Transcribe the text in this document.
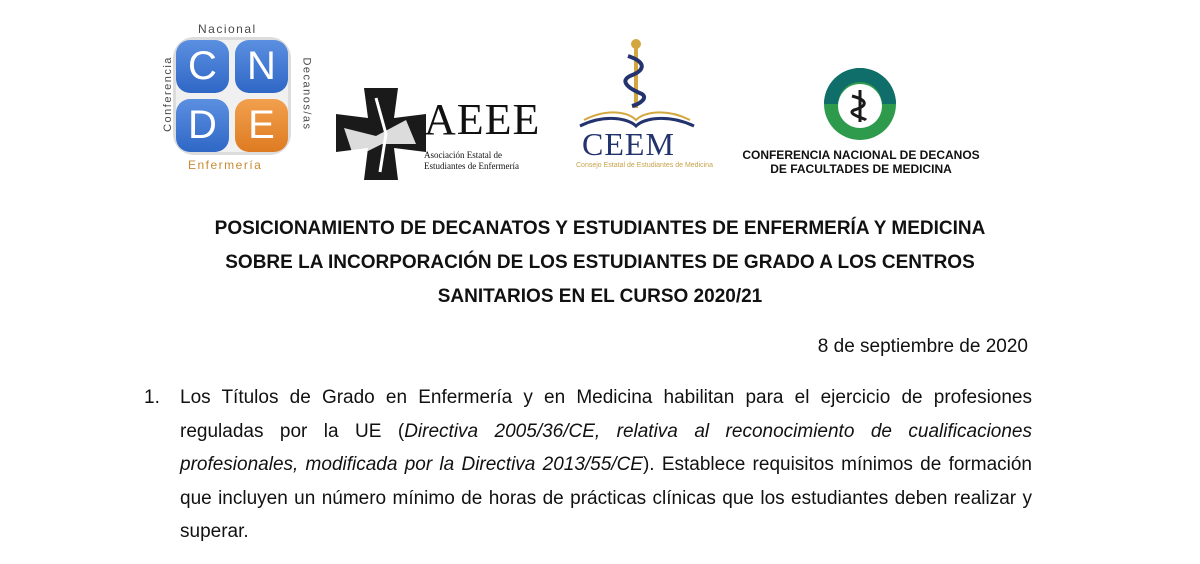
Nacional
Conferencia	Decanos/as
C N
D E
Enfermería
AEEE
Asociación Estatal de
Estudiantes de Enfermería
CEEM
Consejo Estatal de Estudiantes de Medicina
CONFERENCIA NACIONAL DE DECANOS
DE FACULTADES DE MEDICINA
POSICIONAMIENTO DE DECANATOS Y ESTUDIANTES DE ENFERMERÍA Y MEDICINA
SOBRE LA INCORPORACIÓN DE LOS ESTUDIANTES DE GRADO A LOS CENTROS
SANITARIOS EN EL CURSO 2020/21
8 de septiembre de 2020
1. Los Títulos de Grado en Enfermería y en Medicina habilitan para el ejercicio de profesiones reguladas por la UE (Directiva 2005/36/CE, relativa al reconocimiento de cualificaciones profesionales, modificada por la Directiva 2013/55/CE). Establece requisitos mínimos de formación que incluyen un número mínimo de horas de prácticas clínicas que los estudiantes deben realizar y superar.
